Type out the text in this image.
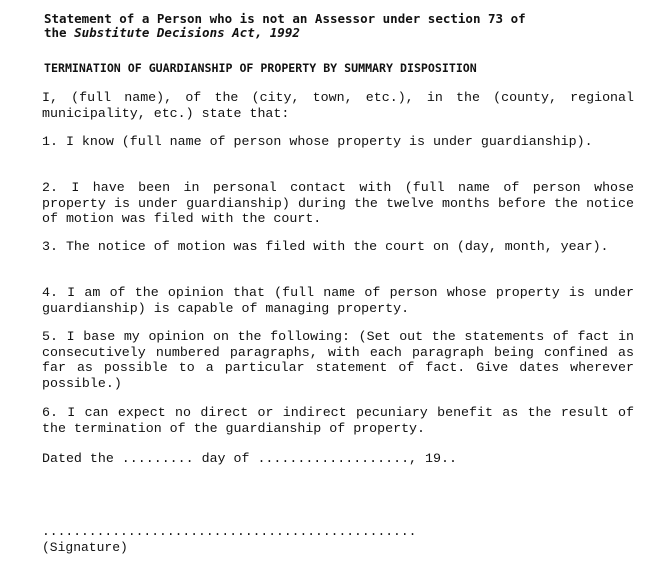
Statement of a Person who is not an Assessor under section 73 of
the Substitute Decisions Act, 1992
TERMINATION OF GUARDIANSHIP OF PROPERTY BY SUMMARY DISPOSITION
I, (full name), of the (city, town, etc.), in the (county, regional municipality, etc.) state that:
1. I know (full name of person whose property is under guardianship).
2. I have been in personal contact with (full name of person whose property is under guardianship) during the twelve months before the notice of motion was filed with the court.
3. The notice of motion was filed with the court on (day, month, year).
4. I am of the opinion that (full name of person whose property is under guardianship) is capable of managing property.
5. I base my opinion on the following: (Set out the statements of fact in consecutively numbered paragraphs, with each paragraph being confined as far as possible to a particular statement of fact. Give dates wherever possible.)
6. I can expect no direct or indirect pecuniary benefit as the result of the termination of the guardianship of property.
Dated the ......... day of ..................., 19..
................................................
(Signature)
